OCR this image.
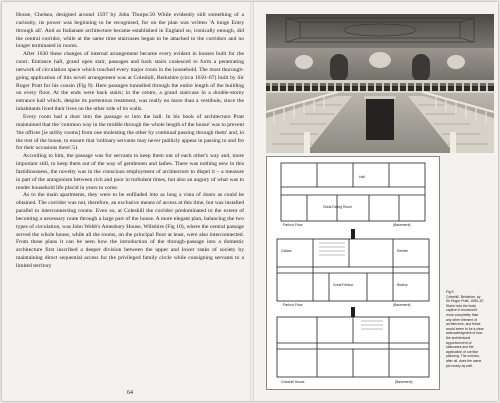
House, Chelsea, designed around 1597 by John Thorpe.50 While evidently still something of a curiosity, its power was beginning to be recognised, for on the plan was written 'A longe Entry through all'. And as Italianate architecture became established in England so, ironically enough, did the central corridor, while at the same time staircases began to be attached to the corridors and no longer terminated in rooms.

After 1630 these changes of internal arrangement became every evident in houses built for the court. Entrance hall, grand open stair, passages and back stairs coalesced to form a penetrating network of circulation space which touched every major room in the household. The most thorough-going application of this novel arrangement was at Coleshill, Berkshire (circa 1650–67) built by Sir Roger Pratt for his cousin (Fig 9). Here passages tunnelled through the entire length of the building on every floor. At the ends were back stairs; in the centre, a grand staircase in a double-storey entrance hall which, despite its portentous treatment, was really no more than a vestibule, since the inhabitants lived their lives on the other side of its walls.

Every room had a door into the passage or into the hall. In his book of architecture Pratt maintained that the 'common way in the middle through the whole length of the house' was to prevent 'the offices [ie utility rooms] from one molesting the other by continual passing through them' and, in the rest of the house, to ensure that 'ordinary servants may never publicly appear in passing to and fro for their occasions there'.51

According to him, the passage was for servants to keep them out of each other's way and, more important still, to keep them out of the way of gentlemen and ladies. There was nothing new in this fastidiousness, the novelty was in the conscious employment of architecture to dispel it – a measure in part of the antagonism between rich and poor in turbulent times, but also an augury of what was to render household life placid in years to come.

As to the main apartments, they were to be enfiladed into as long a vista of doors as could be obtained. The corridor was not, therefore, an exclusive means of access at this time, but was installed parallel to interconnecting rooms. Even so, at Coleshill the corridor predominated to the extent of becoming a necessary route through a large part of the house. A more elegant plan, balancing the two types of circulation, was John Webb's Amesbury House, Wiltshire (Fig 10), where the central passage served the whole house, while all the rooms, on the principal floor at least, were also interconnected. From these plans it can be seen how the introduction of the through-passage into a domestic architecture first inscribed a deeper division between the upper and lower ranks of society by maintaining direct sequential access for the privileged family circle while consigning servants to a limited territory

64
Hall
Great Dining Room
Parlour Floor	(Basement)
Cellars	Kitchen
Buttery
Great Parlour
Parlour Floor	(Basement)
Coleshill House	(Basement)
Fig 9
Coleshill, Berkshire, by
Sir Roger Pratt, 1650–67.
Stairs hold the body
captive in movement
more completely than
any other element of
architecture, and these
would seem to be a clear
acknowledgment of how
the architectural
apportionment of
staircases and the
application of corridor
planning. The corridor,
after all, does the same
job nearly as well.
